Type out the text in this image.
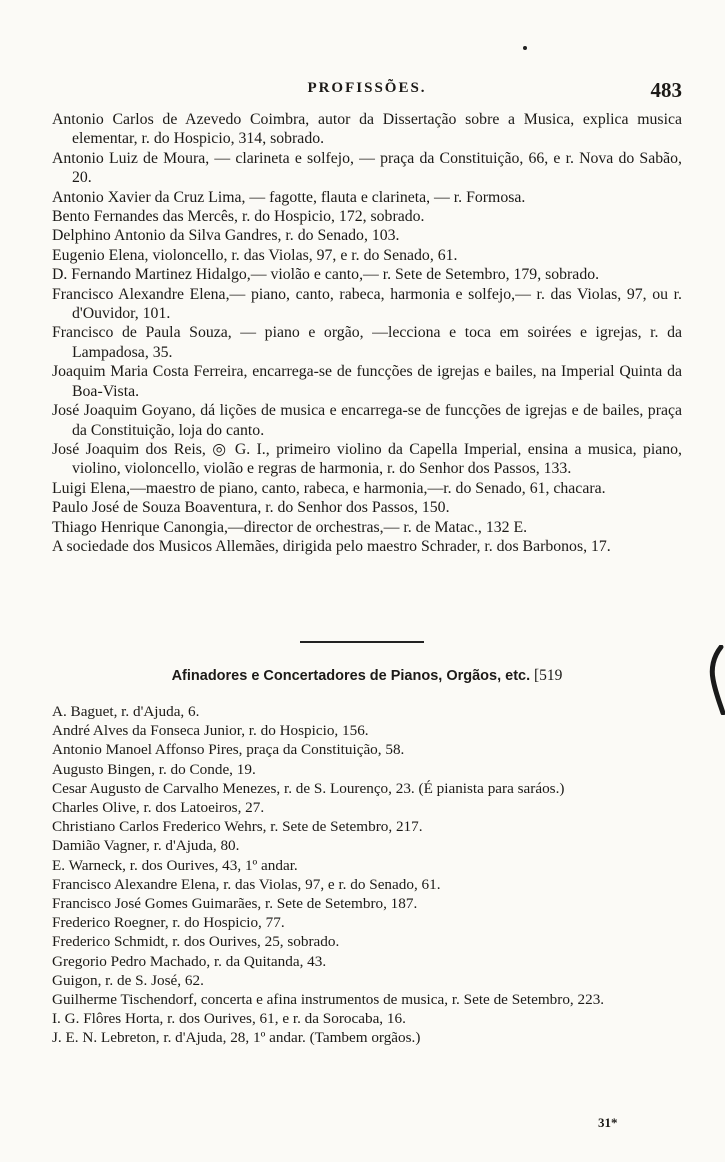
PROFISSÕES.	483
Antonio Carlos de Azevedo Coimbra, autor da Dissertação sobre a Musica, explica musica elementar, r. do Hospicio, 314, sobrado.
Antonio Luiz de Moura, — clarineta e solfejo, — praça da Constituição, 66, e r. Nova do Sabão, 20.
Antonio Xavier da Cruz Lima, — fagotte, flauta e clarineta, — r. Formosa.
Bento Fernandes das Mercês, r. do Hospicio, 172, sobrado.
Delphino Antonio da Silva Gandres, r. do Senado, 103.
Eugenio Elena, violoncello, r. das Violas, 97, e r. do Senado, 61.
D. Fernando Martinez Hidalgo,— violão e canto,— r. Sete de Setembro, 179, sobrado.
Francisco Alexandre Elena,— piano, canto, rabeca, harmonia e solfejo,— r. das Violas, 97, ou r. d'Ouvidor, 101.
Francisco de Paula Souza, — piano e orgão, —lecciona e toca em soirées e igrejas, r. da Lampadosa, 35.
Joaquim Maria Costa Ferreira, encarrega-se de funcções de igrejas e bailes, na Imperial Quinta da Boa-Vista.
José Joaquim Goyano, dá lições de musica e encarrega-se de funcções de igrejas e de bailes, praça da Constituição, loja do canto.
José Joaquim dos Reis, ◎ G. I., primeiro violino da Capella Imperial, ensina a musica, piano, violino, violoncello, violão e regras de harmonia, r. do Senhor dos Passos, 133.
Luigi Elena,—maestro de piano, canto, rabeca, e harmonia,—r. do Senado, 61, chacara.
Paulo José de Souza Boaventura, r. do Senhor dos Passos, 150.
Thiago Henrique Canongia,—director de orchestras,— r. de Matac., 132 E.
A sociedade dos Musicos Allemães, dirigida pelo maestro Schrader, r. dos Barbonos, 17.
Afinadores e Concertadores de Pianos, Orgãos, etc. [519
A. Baguet, r. d'Ajuda, 6.
André Alves da Fonseca Junior, r. do Hospicio, 156.
Antonio Manoel Affonso Pires, praça da Constituição, 58.
Augusto Bingen, r. do Conde, 19.
Cesar Augusto de Carvalho Menezes, r. de S. Lourenço, 23. (É pianista para saráos.)
Charles Olive, r. dos Latoeiros, 27.
Christiano Carlos Frederico Wehrs, r. Sete de Setembro, 217.
Damião Vagner, r. d'Ajuda, 80.
E. Warneck, r. dos Ourives, 43, 1º andar.
Francisco Alexandre Elena, r. das Violas, 97, e r. do Senado, 61.
Francisco José Gomes Guimarães, r. Sete de Setembro, 187.
Frederico Roegner, r. do Hospicio, 77.
Frederico Schmidt, r. dos Ourives, 25, sobrado.
Gregorio Pedro Machado, r. da Quitanda, 43.
Guigon, r. de S. José, 62.
Guilherme Tischendorf, concerta e afina instrumentos de musica, r. Sete de Setembro, 223.
I. G. Flôres Horta, r. dos Ourives, 61, e r. da Sorocaba, 16.
J. E. N. Lebreton, r. d'Ajuda, 28, 1º andar. (Tambem orgãos.)
31*
